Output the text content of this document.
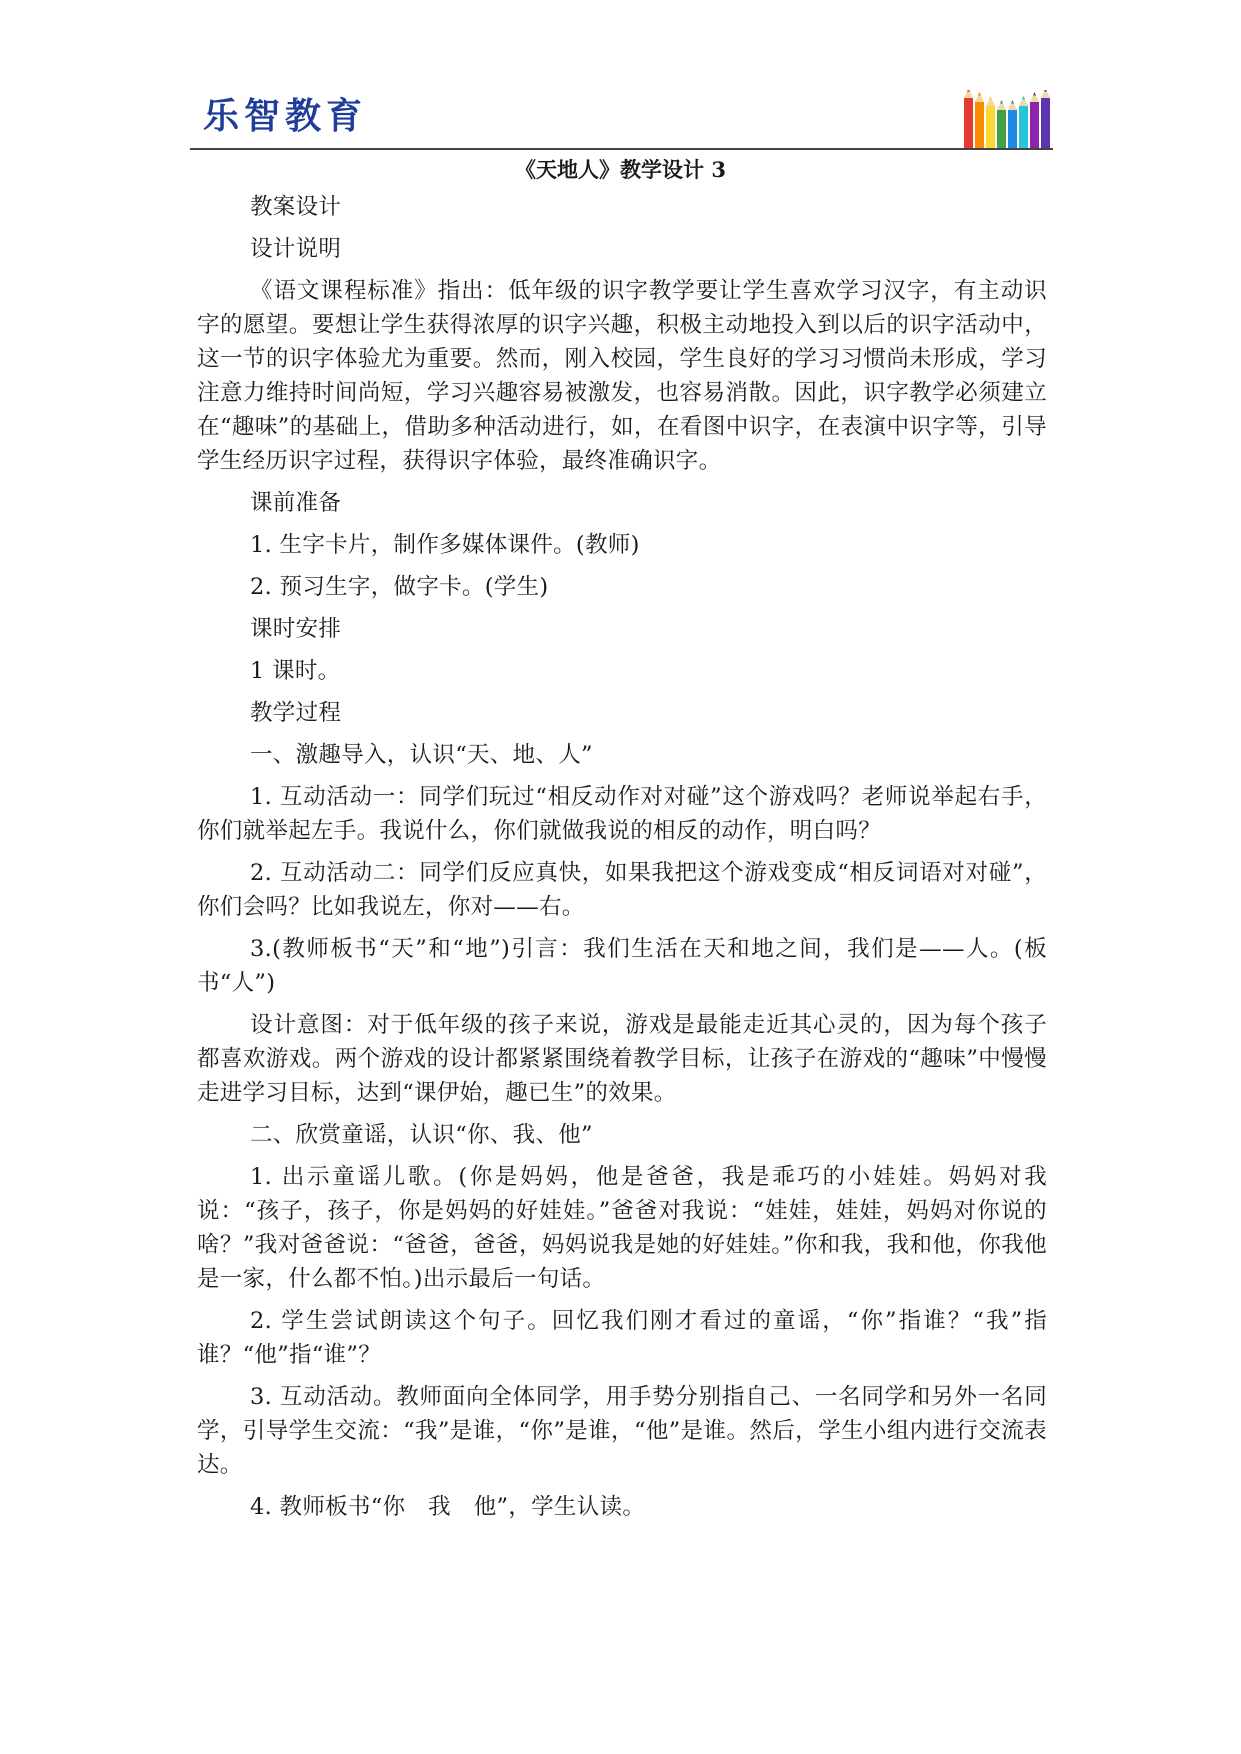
乐智教育
《天地人》教学设计 3

教案设计

设计说明

《语文课程标准》指出：低年级的识字教学要让学生喜欢学习汉字，有主动识字的愿望。要想让学生获得浓厚的识字兴趣，积极主动地投入到以后的识字活动中，这一节的识字体验尤为重要。然而，刚入校园，学生良好的学习习惯尚未形成，学习注意力维持时间尚短，学习兴趣容易被激发，也容易消散。因此，识字教学必须建立在“趣味”的基础上，借助多种活动进行，如，在看图中识字，在表演中识字等，引导学生经历识字过程，获得识字体验，最终准确识字。

课前准备

1. 生字卡片，制作多媒体课件。(教师)

2. 预习生字，做字卡。(学生)

课时安排

1 课时。

教学过程

一、激趣导入，认识“天、地、人”

1. 互动活动一：同学们玩过“相反动作对对碰”这个游戏吗？老师说举起右手，你们就举起左手。我说什么，你们就做我说的相反的动作，明白吗？

2. 互动活动二：同学们反应真快，如果我把这个游戏变成“相反词语对对碰”，你们会吗？比如我说左，你对——右。

3.(教师板书“天”和“地”)引言：我们生活在天和地之间，我们是——人。(板书“人”)

设计意图：对于低年级的孩子来说，游戏是最能走近其心灵的，因为每个孩子都喜欢游戏。两个游戏的设计都紧紧围绕着教学目标，让孩子在游戏的“趣味”中慢慢走进学习目标，达到“课伊始，趣已生”的效果。

二、欣赏童谣，认识“你、我、他”

1. 出示童谣儿歌。(你是妈妈，他是爸爸，我是乖巧的小娃娃。妈妈对我说：“孩子，孩子，你是妈妈的好娃娃。”爸爸对我说：“娃娃，娃娃，妈妈对你说的啥？”我对爸爸说：“爸爸，爸爸，妈妈说我是她的好娃娃。”你和我，我和他，你我他是一家，什么都不怕。)出示最后一句话。

2. 学生尝试朗读这个句子。回忆我们刚才看过的童谣，“你”指谁？“我”指谁？“他”指“谁”？

3. 互动活动。教师面向全体同学，用手势分别指自己、一名同学和另外一名同学，引导学生交流：“我”是谁，“你”是谁，“他”是谁。然后，学生小组内进行交流表达。

4. 教师板书“你　我　他”，学生认读。
